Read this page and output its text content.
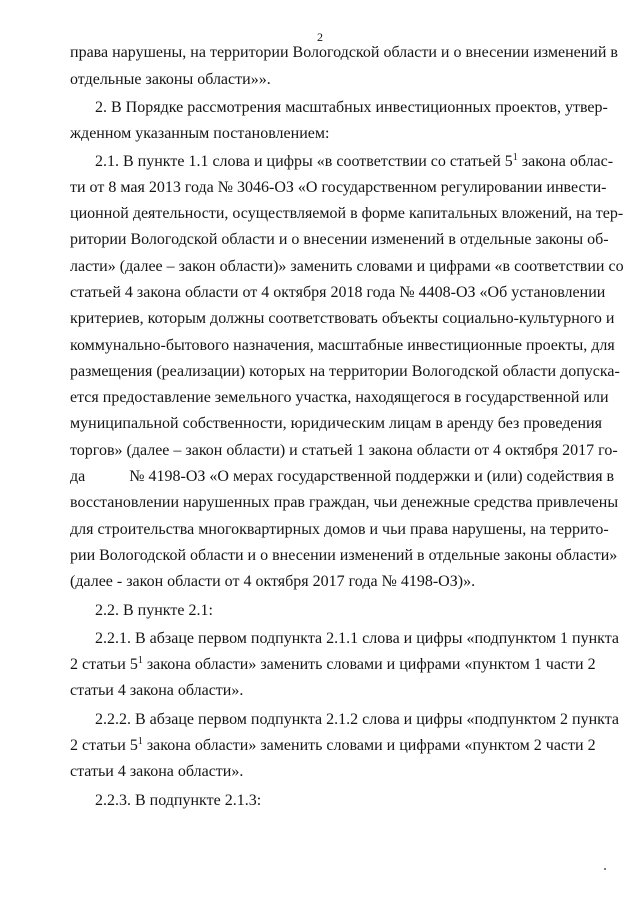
2
права нарушены, на территории Вологодской области и о внесении изменений в
отдельные законы области»».
2. В Порядке рассмотрения масштабных инвестиционных проектов, утвер-
жденном указанным постановлением:
2.1. В пункте 1.1 слова и цифры «в соответствии со статьей $5^1$ закона облас-
ти от 8 мая 2013 года № 3046-ОЗ «О государственном регулировании инвести-
ционной деятельности, осуществляемой в форме капитальных вложений, на тер-
ритории Вологодской области и о внесении изменений в отдельные законы об-
ласти» (далее – закон области)» заменить словами и цифрами «в соответствии со
статьей 4 закона области от 4 октября 2018 года № 4408-ОЗ «Об установлении
критериев, которым должны соответствовать объекты социально-культурного и
коммунально-бытового назначения, масштабные инвестиционные проекты, для
размещения (реализации) которых на территории Вологодской области допуска-
ется предоставление земельного участка, находящегося в государственной или
муниципальной собственности, юридическим лицам в аренду без проведения
торгов» (далее – закон области) и статьей 1 закона области от 4 октября 2017 го-
да	№ 4198-ОЗ «О мерах государственной поддержки и (или) содействия в
восстановлении нарушенных прав граждан, чьи денежные средства привлечены
для строительства многоквартирных домов и чьи права нарушены, на террито-
рии Вологодской области и о внесении изменений в отдельные законы области»
(далее - закон области от 4 октября 2017 года № 4198-ОЗ)».
2.2. В пункте 2.1:
2.2.1. В абзаце первом подпункта 2.1.1 слова и цифры «подпунктом 1 пункта
2 статьи $5^1$ закона области» заменить словами и цифрами «пунктом 1 части 2
статьи 4 закона области».
2.2.2. В абзаце первом подпункта 2.1.2 слова и цифры «подпунктом 2 пункта
2 статьи $5^1$ закона области» заменить словами и цифрами «пунктом 2 части 2
статьи 4 закона области».
2.2.3. В подпункте 2.1.3:
